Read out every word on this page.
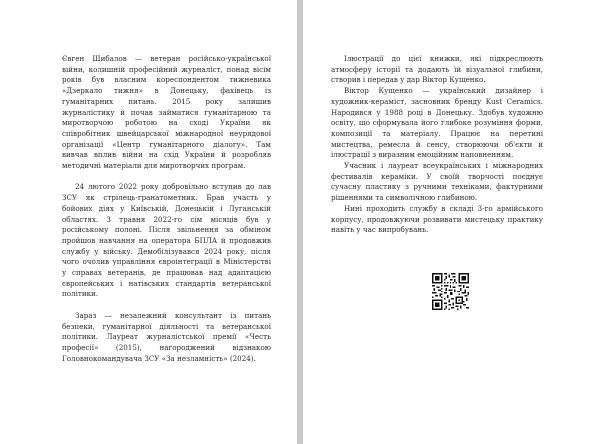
Євген Шибалов — ветеран російсько-української війни, колишній професійний журналіст, понад вісім років був власним кореспондентом тижневика «Дзеркало тижня» в Донецьку, фахівець із гуманітарних питань. 2015 року залишив журналістику й почав займатися гуманітарною та миротворчою роботою на сході України як співробітник швейцарської міжнародної неурядової організації «Центр гуманітарного діалогу». Там вивчав вплив війни на схід України й розробляв методичні матеріали для миротворчих програм.

24 лютого 2022 року добровільно вступив до лав ЗСУ як стрілець-гранатометник. Брав участь у бойових діях у Київській, Донецькій і Луганській областях. З травня 2022-го сім місяців був у російському полоні. Після звільнення за обміном пройшов навчання на оператора БПЛА й продовжив службу у війську. Демобілізувався 2024 року, після чого очолив управління євроінтеграції в Міністерстві у справах ветеранів, де працював над адаптацією європейських і натівських стандартів ветеранської політики.

Зараз — незалежний консультант із питань безпеки, гуманітарної діяльності та ветеранської політики. Лауреат журналістської премії «Честь професії» (2015), нагороджений відзнакою Головнокомандувача ЗСУ «За незламність» (2024).

Ілюстрації до цієї книжки, які підкреслюють атмосферу історії та додають їй візуальної глибини, створив і передав у дар Віктор Кущенко.

Віктор Кущенко — український дизайнер і художник-кераміст, засновник бренду Kust Ceramics. Народився у 1988 році в Донецьку. Здобув художню освіту, що сформувала його глибоке розуміння форми, композиції та матеріалу. Працює на перетині мистецтва, ремесла й сенсу, створюючи об'єкти й ілюстрації з виразним емоційним наповненням.

Учасник і лауреат всеукраїнських і міжнародних фестивалів кераміки. У своїй творчості поєднує сучасну пластику з ручними техніками, фактурними рішеннями та символічною глибиною.

Нині проходить службу в складі 3-го армійського корпусу, продовжуючи розвивати мистецьку практику навіть у час випробувань.
